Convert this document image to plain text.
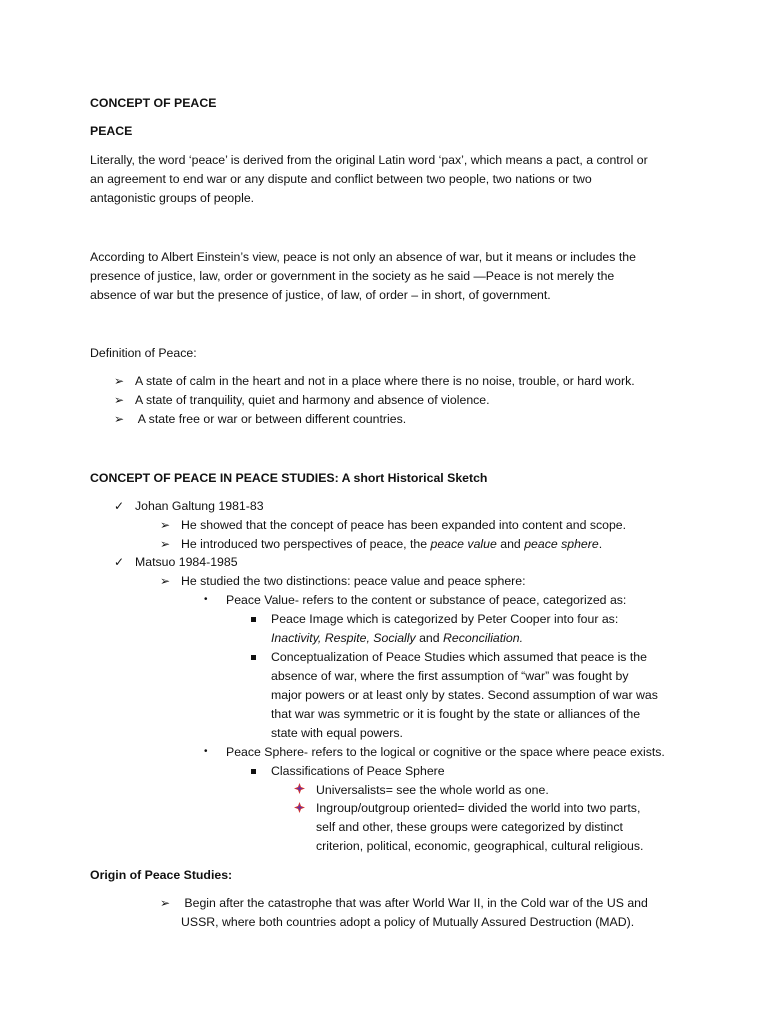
CONCEPT OF PEACE
PEACE
Literally, the word ‘peace’ is derived from the original Latin word ‘pax’, which means a pact, a control or
an agreement to end war or any dispute and conflict between two people, two nations or two
antagonistic groups of people.
According to Albert Einstein’s view, peace is not only an absence of war, but it means or includes the
presence of justice, law, order or government in the society as he said ―Peace is not merely the
absence of war but the presence of justice, of law, of order – in short, of government.
Definition of Peace:
➢ A state of calm in the heart and not in a place where there is no noise, trouble, or hard work.
➢ A state of tranquility, quiet and harmony and absence of violence.
➢ A state free or war or between different countries.
CONCEPT OF PEACE IN PEACE STUDIES: A short Historical Sketch
✓ Johan Galtung 1981-83
➢ He showed that the concept of peace has been expanded into content and scope.
➢ He introduced two perspectives of peace, the peace value and peace sphere.
✓ Matsuo 1984-1985
➢ He studied the two distinctions: peace value and peace sphere:
• Peace Value- refers to the content or substance of peace, categorized as:
Peace Image which is categorized by Peter Cooper into four as:
Inactivity, Respite, Socially and Reconciliation.
Conceptualization of Peace Studies which assumed that peace is the
absence of war, where the first assumption of “war” was fought by
major powers or at least only by states. Second assumption of war was
that war was symmetric or it is fought by the state or alliances of the
state with equal powers.
• Peace Sphere- refers to the logical or cognitive or the space where peace exists.
Classifications of Peace Sphere
Universalists= see the whole world as one.
Ingroup/outgroup oriented= divided the world into two parts,
self and other, these groups were categorized by distinct
criterion, political, economic, geographical, cultural religious.
Origin of Peace Studies:
➢ Begin after the catastrophe that was after World War II, in the Cold war of the US and
USSR, where both countries adopt a policy of Mutually Assured Destruction (MAD).
